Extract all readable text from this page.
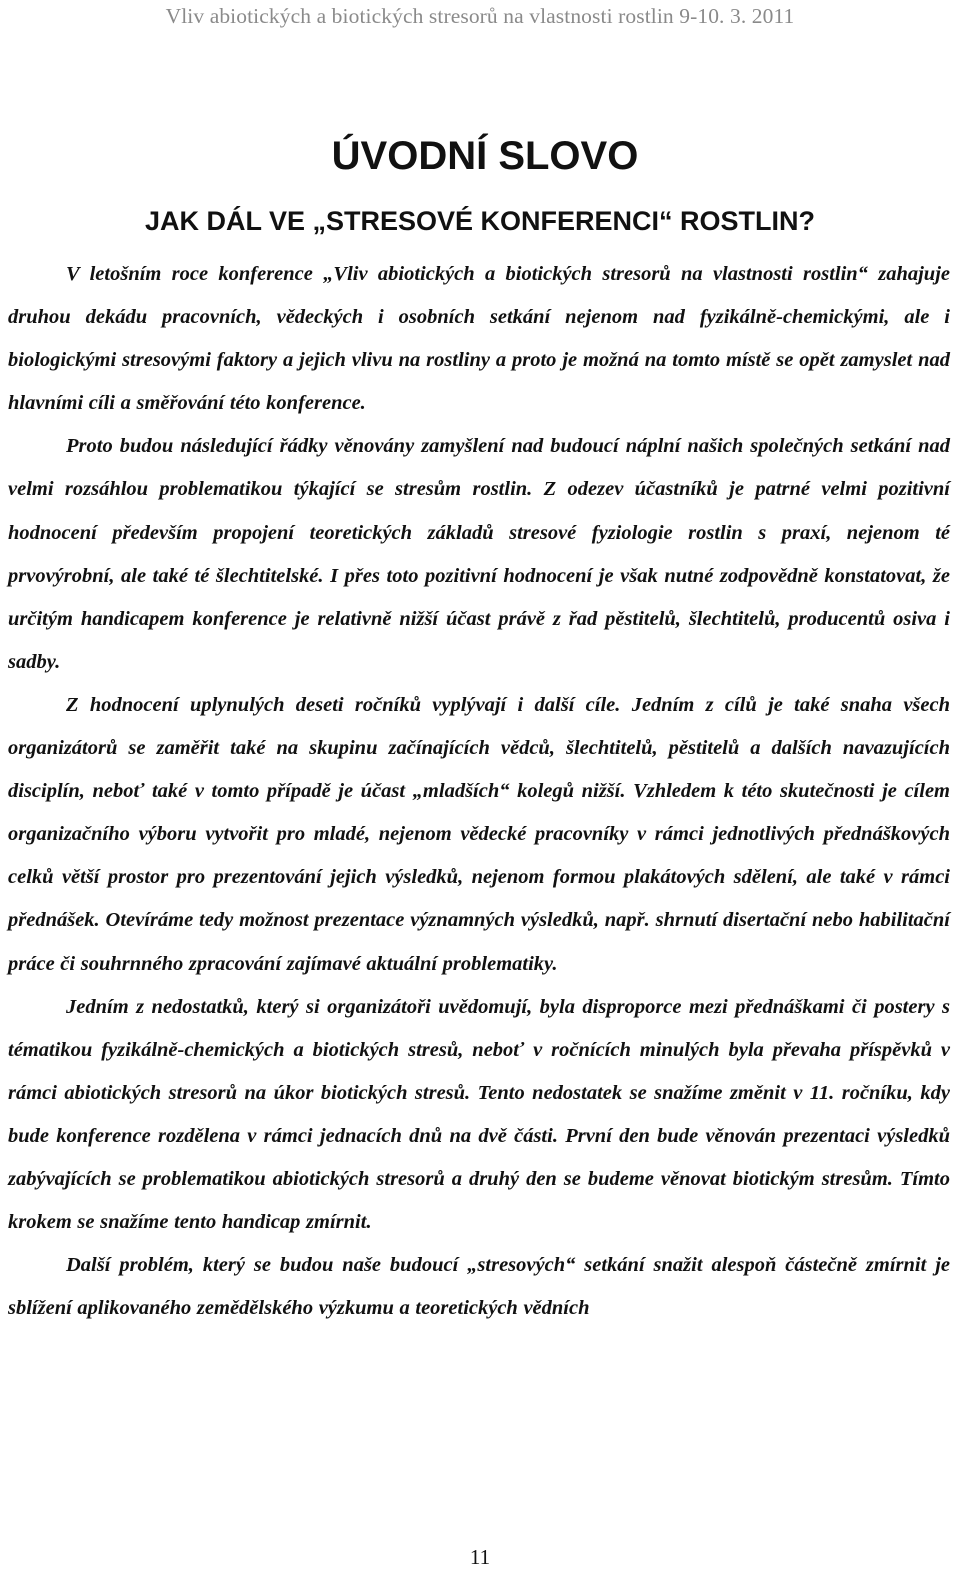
Vliv abiotických a biotických stresorů na vlastnosti rostlin 9-10. 3. 2011
ÚVODNÍ SLOVO
JAK DÁL VE „STRESOVÉ KONFERENCI“ ROSTLIN?

V letošním roce konference „Vliv abiotických a biotických stresorů na vlastnosti rostlin“ zahajuje druhou dekádu pracovních, vědeckých i osobních setkání nejenom nad fyzikálně-chemickými, ale i biologickými stresovými faktory a jejich vlivu na rostliny a proto je možná na tomto místě se opět zamyslet nad hlavními cíli a směřování této konference.

Proto budou následující řádky věnovány zamyšlení nad budoucí náplní našich společných setkání nad velmi rozsáhlou problematikou týkající se stresům rostlin. Z odezev účastníků je patrné velmi pozitivní hodnocení především propojení teoretických základů stresové fyziologie rostlin s praxí, nejenom té prvovýrobní, ale také té šlechtitelské. I přes toto pozitivní hodnocení je však nutné zodpovědně konstatovat, že určitým handicapem konference je relativně nižší účast právě z řad pěstitelů, šlechtitelů, producentů osiva i sadby.

Z hodnocení uplynulých deseti ročníků vyplývají i další cíle. Jedním z cílů je také snaha všech organizátorů se zaměřit také na skupinu začínajících vědců, šlechtitelů, pěstitelů a dalších navazujících disciplín, neboť také v tomto případě je účast „mladších“ kolegů nižší. Vzhledem k této skutečnosti je cílem organizačního výboru vytvořit pro mladé, nejenom vědecké pracovníky v rámci jednotlivých přednáškových celků větší prostor pro prezentování jejich výsledků, nejenom formou plakátových sdělení, ale také v rámci přednášek. Otevíráme tedy možnost prezentace významných výsledků, např. shrnutí disertační nebo habilitační práce či souhrnného zpracování zajímavé aktuální problematiky.

Jedním z nedostatků, který si organizátoři uvědomují, byla disproporce mezi přednáškami či postery s tématikou fyzikálně-chemických a biotických stresů, neboť v ročnících minulých byla převaha příspěvků v rámci abiotických stresorů na úkor biotických stresů. Tento nedostatek se snažíme změnit v 11. ročníku, kdy bude konference rozdělena v rámci jednacích dnů na dvě části. První den bude věnován prezentaci výsledků zabývajících se problematikou abiotických stresorů a druhý den se budeme věnovat biotickým stresům. Tímto krokem se snažíme tento handicap zmírnit.

Další problém, který se budou naše budoucí „stresových“ setkání snažit alespoň částečně zmírnit je sblížení aplikovaného zemědělského výzkumu a teoretických vědních

11
